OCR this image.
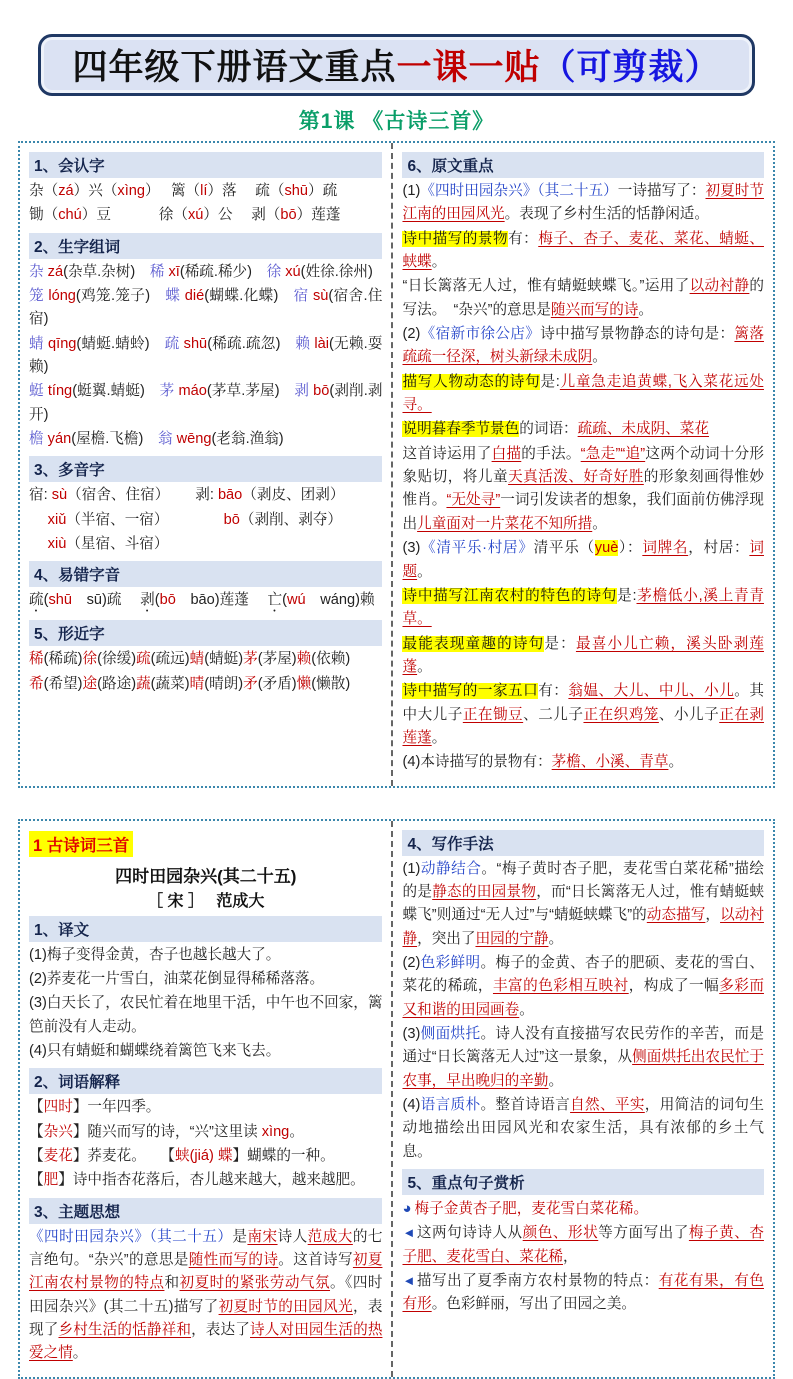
四年级下册语文重点 一课一贴 （可剪裁）
第1课 《古诗三首》
1、会认字
杂（zá）兴（xìng）　 篱（lí）落　 疏（shū）疏
锄（chú）豆　　　 徐（xú）公　 剥（bō）莲蓬
2、生字组词
杂 zá(杂草.杂树)　稀 xī(稀疏.稀少)　徐 xú(姓徐.徐州)
笼 lóng(鸡笼.笼子)　蝶 dié(蝴蝶.化蝶)　宿 sù(宿舍.住宿)
蜻 qīng(蜻蜓.蜻蛉)　疏 shū(稀疏.疏忽)　赖 lài(无赖.耍赖)
蜓 tíng(蜓翼.蜻蜓)　茅 máo(茅草.茅屋)　剥 bō(剥削.剥开)
檐 yán(屋檐.飞檐)　翁 wēng(老翁.渔翁)
3、多音字
宿: sù（宿舍、住宿）　　 剥: bāo（剥皮、团剥）
　 xiǔ（半宿、一宿）　　　　 bō（剥削、剥夺）
　 xiù（星宿、斗宿）
4、易错字音
疏(shū　sū)疏　 剥(bō　bāo)莲蓬　 亡(wú　wáng)赖
5、形近字
稀(稀疏)徐(徐缓)疏(疏远)蜻(蜻蜓)茅(茅屋)赖(依赖)
希(希望)途(路途)蔬(蔬菜)晴(晴朗)矛(矛盾)懒(懒散)
6、原文重点
(1)《四时田园杂兴》（其二十五）一诗描写了：初夏时节江南的田园风光。表现了乡村生活的恬静闲适。
诗中描写的景物有：梅子、杏子、麦花、菜花、蜻蜓、蛱蝶。
“日长篱落无人过，惟有蜻蜓蛱蝶飞。”运用了以动衬静的写法。　“杂兴”的意思是随兴而写的诗。
(2)《宿新市徐公店》诗中描写景物静态的诗句是：篱落疏疏一径深，树头新绿未成阴。
描写人物动态的诗句是:儿童急走追黄蝶,飞入菜花远处寻。
说明暮春季节景色的词语：疏疏、未成阴、菜花
这首诗运用了白描的手法。“急走”“追”这两个动词十分形象贴切，将儿童天真活泼、好奇好胜的形象刻画得惟妙惟肖。“无处寻”一词引发读者的想象，我们面前仿佛浮现出儿童面对一片菜花不知所措。
(3)《清平乐·村居》清平乐（yuè）：词牌名，村居：词题。
诗中描写江南农村的特色的诗句是:茅檐低小,溪上青青草。
最能表现童趣的诗句是：最喜小儿亡赖，溪头卧剥莲蓬。
诗中描写的一家五口有：翁媪、大儿、中儿、小儿。其中大儿子正在锄豆、二儿子正在织鸡笼、小儿子正在剥莲蓬。
(4)本诗描写的景物有：茅檐、小溪、青草。
1 古诗词三首
四时田园杂兴(其二十五)
［ 宋 ］　 范成大
1、译文
(1)梅子变得金黄，杏子也越长越大了。
(2)荞麦花一片雪白，油菜花倒显得稀稀落落。
(3)白天长了，农民忙着在地里干活，中午也不回家，篱笆前没有人走动。
(4)只有蜻蜓和蝴蝶绕着篱笆飞来飞去。
2、词语解释
【四时】一年四季。
【杂兴】随兴而写的诗，“兴”这里读 xìng。
【麦花】荞麦花。　　【蛱(jiá) 蝶】蝴蝶的一种。
【肥】诗中指杏花落后，杏儿越来越大，越来越肥。
3、主题思想
《四时田园杂兴》（其二十五）是南宋诗人范成大的七言绝句。“杂兴”的意思是随性而写的诗。这首诗写初夏江南农村景物的特点和初夏时的紧张劳动气氛。《四时田园杂兴》(其二十五)描写了初夏时节的田园风光，表现了乡村生活的恬静祥和，表达了诗人对田园生活的热爱之情。
4、写作手法
(1)动静结合。“梅子黄时杏子肥，麦花雪白菜花稀”描绘的是静态的田园景物，而“日长篱落无人过，惟有蜻蜓蛱蝶飞”则通过“无人过”与“蜻蜓蛱蝶飞”的动态描写，以动衬静，突出了田园的宁静。
(2)色彩鲜明。梅子的金黄、杏子的肥硕、麦花的雪白、菜花的稀疏，丰富的色彩相互映衬，构成了一幅多彩而又和谐的田园画卷。
(3)侧面烘托。诗人没有直接描写农民劳作的辛苦，而是通过“日长篱落无人过”这一景象，从侧面烘托出农民忙于农事，早出晚归的辛勤。
(4)语言质朴。整首诗语言自然、平实，用简洁的词句生动地描绘出田园风光和农家生活，具有浓郁的乡土气息。
5、重点句子赏析
◕ 梅子金黄杏子肥，麦花雪白菜花稀。
◄ 这两句诗诗人从颜色、形状等方面写出了梅子黄、杏子肥、麦花雪白、菜花稀，
◄ 描写出了夏季南方农村景物的特点：有花有果，有色有形。色彩鲜丽，写出了田园之美。
